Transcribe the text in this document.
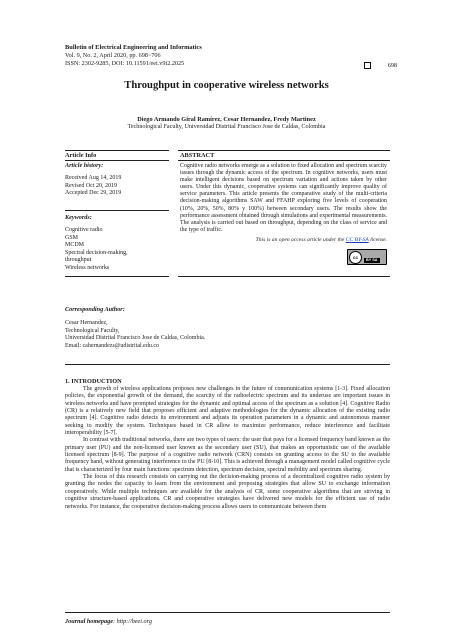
Bulletin of Electrical Engineering and Informatics
Vol. 9, No. 2, April 2020, pp. 698~706
ISSN: 2302-9285, DOI: 10.11591/eei.v9i2.2025	698
Throughput in cooperative wireless networks
Diego Armando Giral Ramírez, Cesar Hernandez, Fredy Martinez
Technological Faculty, Universidad Distrital Francisco Jose de Caldas, Colombia
Article Info	ABSTRACT
Article history:
Received Aug 14, 2019
Revised Oct 20, 2019
Accepted Dec 29, 2019
Keywords:
Cognitive radio
GSM
MCDM
Spectral decision-making,
throughput
Wireless networks
Cognitive radio networks emerge as a solution to fixed allocation and spectrum scarcity issues through the dynamic access of the spectrum. In cognitive networks, users must make intelligent decisions based on spectrum variation and actions taken by other users. Under this dynamic, cooperative systems can significantly improve quality of service parameters. This article presents the comparative study of the multi-criteria decision-making algorithms SAW and FFAHP exploring five levels of cooperation (10%, 20%, 50%, 80% y 100%) between secondary users. The results show the performance assessment obtained through simulations and experimental measurements. The analysis is carried out based on throughput, depending on the class of service and the type of traffic.
This is an open access article under the CC BY-SA license.
cc
BY SA
Corresponding Author:
Cesar Hernandez,
Technological Faculty,
Universidad Distrital Francisco Jose de Caldas, Colombia.
Email: cahernandezs@udistrital.edu.co
1. INTRODUCTION
The growth of wireless applications proposes new challenges in the future of communication systems [1-3]. Fixed allocation policies, the exponential growth of the demand, the scarcity of the radioelectric spectrum and its underuse are important issues in wireless networks and have prompted strategies for the dynamic and optimal access of the spectrum as a solution [4]. Cognitive Radio (CR) is a relatively new field that proposes efficient and adaptive methodologies for the dynamic allocation of the existing radio spectrum [4]. Cognitive radio detects its environment and adjusts its operation parameters in a dynamic and autonomous manner seeking to modify the system. Techniques based in CR allow to maximize performance, reduce interference and facilitate interoperability [5-7].
In contrast with traditional networks, there are two types of users: the user that pays for a licensed frequency band known as the primary user (PU) and the non-licensed user known as the secondary user (SU), that makes an opportunistic use of the available licensed spectrum [8-9]. The purpose of a cognitive radio network (CRN) consists on granting access to the SU to the available frequency band, without generating interference to the PU [8-10]. This is achieved through a management model called cognitive cycle that is characterized by four main functions: spectrum detection, spectrum decision, spectral mobility and spectrum sharing.
The focus of this research consists on carrying out the decision-making process of a decentralized cognitive radio system by granting the nodes the capacity to learn from the environment and proposing strategies that allow SU to exchange information cooperatively. While multiple techniques are available for the analysis of CR, some cooperative algorithms that are striving in cognitive structure-based applications. CR and cooperative strategies have delivered new models for the efficient use of radio networks. For instance, the cooperative decision-making process allows users to communicate between them
Journal homepage: http://beei.org
